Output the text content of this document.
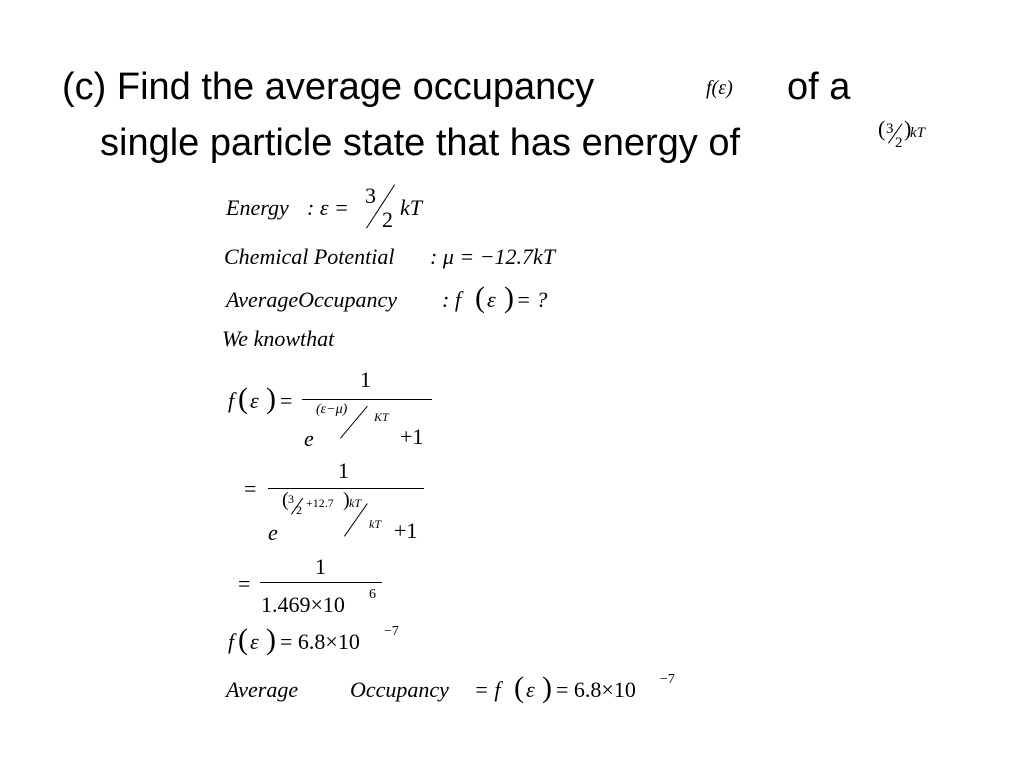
(c) Find the average occupancy	f(ε) of a
single particle state that has energy of	( 3
2
)
kT
Energy : ε = 3
2 kT
Chemical Potential : μ = −12.7kT
AverageOccupancy : f ( ε ) = ?
We knowthat
f ( ε ) =
1
(ε−μ) KT
e	+1
=
1
( 3
2 +12.7 ) kT
kT
e	+1
=
1
1.469×10 6
f ( ε ) = 6.8×10 −7
Average Occupancy = f ( ε ) = 6.8×10 −7
